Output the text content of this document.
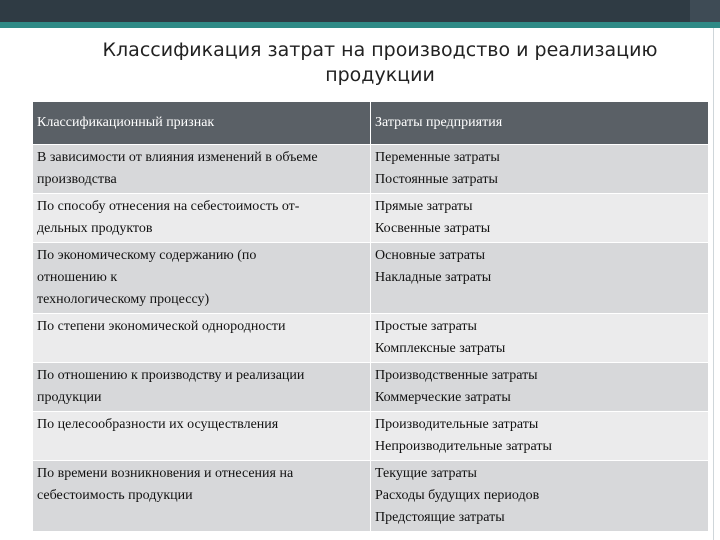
Классификация затрат на производство и реализацию продукции
Классификационный признак	Затраты предприятия

В зависимости от влияния изменений в объеме
производства	Переменные затраты
Постоянные затраты

По способу отнесения на себестоимость от-
дельных продуктов	Прямые затраты
Косвенные затраты

По экономическому содержанию (по
отношению к
технологическому процессу)	Основные затраты
Накладные затраты

По степени экономической однородности	Простые затраты
Комплексные затраты

По отношению к производству и реализации
продукции	Производственные затраты
Коммерческие затраты

По целесообразности их осуществления	Производительные затраты
Непроизводительные затраты

По времени возникновения и отнесения на
себестоимость продукции	Текущие затраты
Расходы будущих периодов
Предстоящие затраты
